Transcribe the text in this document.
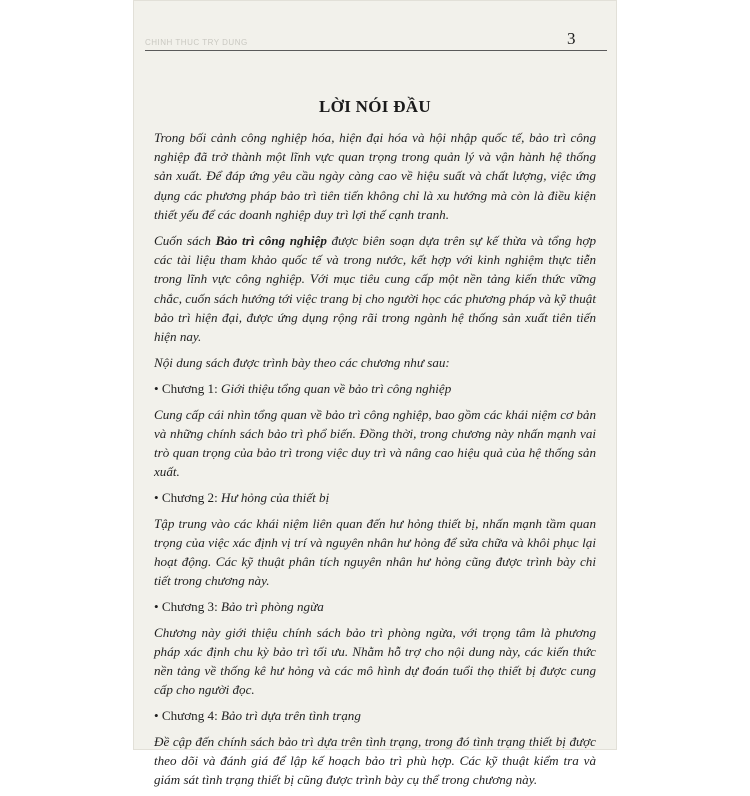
CHINH THUC TRY DUNG	3
LỜI NÓI ĐẦU

Trong bối cảnh công nghiệp hóa, hiện đại hóa và hội nhập quốc tế, bảo trì công nghiệp đã trở thành một lĩnh vực quan trọng trong quản lý và vận hành hệ thống sản xuất. Để đáp ứng yêu cầu ngày càng cao về hiệu suất và chất lượng, việc ứng dụng các phương pháp bảo trì tiên tiến không chỉ là xu hướng mà còn là điều kiện thiết yếu để các doanh nghiệp duy trì lợi thế cạnh tranh.

Cuốn sách Bảo trì công nghiệp được biên soạn dựa trên sự kế thừa và tổng hợp các tài liệu tham khảo quốc tế và trong nước, kết hợp với kinh nghiệm thực tiễn trong lĩnh vực công nghiệp. Với mục tiêu cung cấp một nền tảng kiến thức vững chắc, cuốn sách hướng tới việc trang bị cho người học các phương pháp và kỹ thuật bảo trì hiện đại, được ứng dụng rộng rãi trong ngành hệ thống sản xuất tiên tiến hiện nay.

Nội dung sách được trình bày theo các chương như sau:

• Chương 1: Giới thiệu tổng quan về bảo trì công nghiệp

Cung cấp cái nhìn tổng quan về bảo trì công nghiệp, bao gồm các khái niệm cơ bản và những chính sách bảo trì phổ biến. Đồng thời, trong chương này nhấn mạnh vai trò quan trọng của bảo trì trong việc duy trì và nâng cao hiệu quả của hệ thống sản xuất.

• Chương 2: Hư hỏng của thiết bị

Tập trung vào các khái niệm liên quan đến hư hỏng thiết bị, nhấn mạnh tầm quan trọng của việc xác định vị trí và nguyên nhân hư hỏng để sửa chữa và khôi phục lại hoạt động. Các kỹ thuật phân tích nguyên nhân hư hỏng cũng được trình bày chi tiết trong chương này.

• Chương 3: Bảo trì phòng ngừa

Chương này giới thiệu chính sách bảo trì phòng ngừa, với trọng tâm là phương pháp xác định chu kỳ bảo trì tối ưu. Nhằm hỗ trợ cho nội dung này, các kiến thức nền tảng về thống kê hư hỏng và các mô hình dự đoán tuổi thọ thiết bị được cung cấp cho người đọc.

• Chương 4: Bảo trì dựa trên tình trạng

Đề cập đến chính sách bảo trì dựa trên tình trạng, trong đó tình trạng thiết bị được theo dõi và đánh giá để lập kế hoạch bảo trì phù hợp. Các kỹ thuật kiểm tra và giám sát tình trạng thiết bị cũng được trình bày cụ thể trong chương này.
